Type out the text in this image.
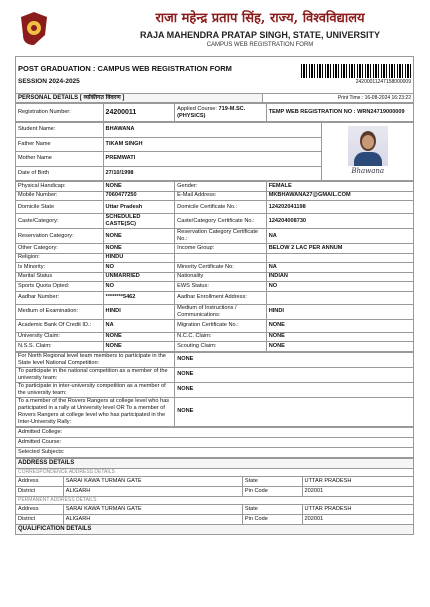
राजा महेन्द्र प्रताप सिंह, राज्य, विश्वविद्यालय
RAJA MAHENDRA PRATAP SINGH, STATE, UNIVERSITY
CAMPUS WEB REGISTRATION FORM
POST GRADUATION : CAMPUS WEB REGISTRATION FORM
SESSION 2024-2025	24200011247158000009

PERSONAL DETAILS [ व्यक्तिगत विवरण ]	Print Time : 16-08-2024 16:23:22
Registration Number:	24200011	Applied Course: 719-M.SC. (PHYSICS)	TEMP WEB REGISTRATION NO : WRN24719000009
Student Name:	BHAWANA	Bhawana

Father Name	TIKAM SINGH	
Mother Name	PREMWATI	
Date of Birth	27/10/1998	
Physical Handicap:	NONE	Gender:	FEMALE
Mobile Number:	7060477250	E-Mail Address:	MKBHAWANA27@GMAIL.COM
Domicile State	Uttar Pradesh	Domicile Certificate No.:	124202041198
Caste/Category:	SCHEDULED CASTE(SC)	Caste/Category Certificate No.:	124204008730
Reservation Category:	NONE	Reservation Category Certificate No.:	NA
Other Category:	NONE	Income Group:	BELOW 2 LAC PER ANNUM
Religion:	HINDU		
Is Minority:	NO	Minority Certificate No:	NA
Marital Status	UNMARRIED	Nationality	INDIAN
Sports Quota Opted:	NO	EWS Status:	NO
Aadhar Number:	********5462	Aadhar Enrollment Address:	
Medium of Examination:	HINDI	Medium of Instructions / Communications:	HINDI
Academic Bank Of Credit ID.:	NA	Migration Certificate No.:	NONE
University Claim:	NONE	N.C.C. Claim:	NONE
N.S.S. Claim:	NONE	Scouting Claim:	NONE
For North Regional level team members to participate in the State level National Competition:	NONE
To participate in the national competition as a member of the university team:	NONE
To participate in inter-university competition as a member of the university team:	NONE
To a member of the Rovers Rangers at college level who has participated in a rally at University level OR To a member of Rovers Rangers at college level who has participated in the Inter-University Rally:	NONE
Admitted College:
Admitted Course:
Selected Subjects:
ADDRESS DETAILS			
CORRESPONDENCE ADDRESS DETAILS			
Address	SARAI KAWA TURMAN GATE	State	UTTAR PRADESH
District	ALIGARH	Pin Code	202001
PERMANENT ADDRESS DETAILS			
Address	SARAI KAWA TURMAN GATE	State	UTTAR PRADESH
District	ALIGARH	Pin Code	202001
QUALIFICATION DETAILS			
